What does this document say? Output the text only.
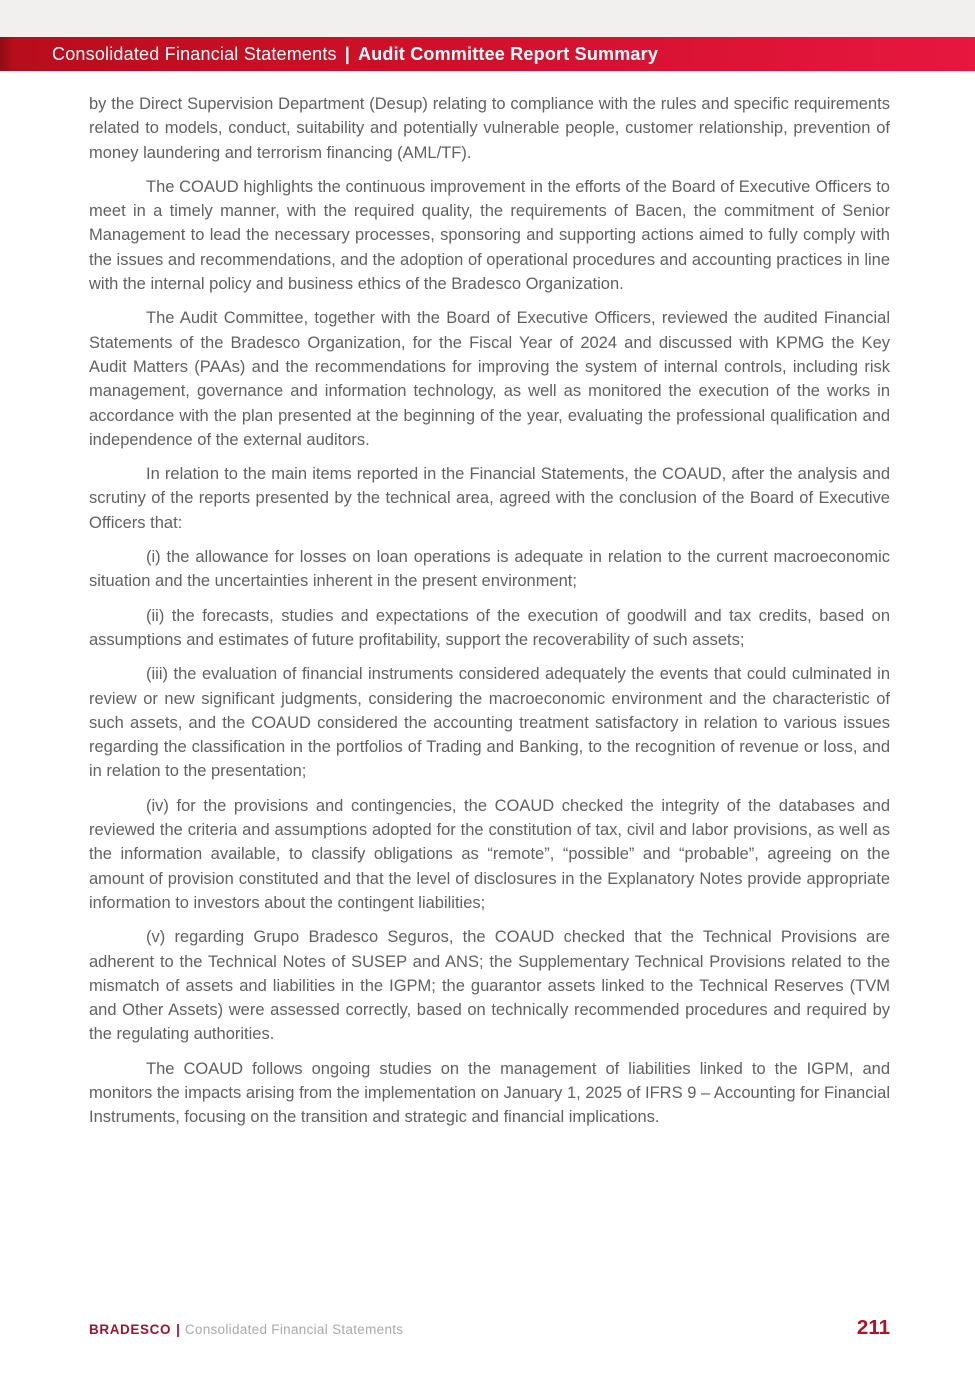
Consolidated Financial Statements | Audit Committee Report Summary

by the Direct Supervision Department (Desup) relating to compliance with the rules and specific requirements related to models, conduct, suitability and potentially vulnerable people, customer relationship, prevention of money laundering and terrorism financing (AML/TF).

The COAUD highlights the continuous improvement in the efforts of the Board of Executive Officers to meet in a timely manner, with the required quality, the requirements of Bacen, the commitment of Senior Management to lead the necessary processes, sponsoring and supporting actions aimed to fully comply with the issues and recommendations, and the adoption of operational procedures and accounting practices in line with the internal policy and business ethics of the Bradesco Organization.

The Audit Committee, together with the Board of Executive Officers, reviewed the audited Financial Statements of the Bradesco Organization, for the Fiscal Year of 2024 and discussed with KPMG the Key Audit Matters (PAAs) and the recommendations for improving the system of internal controls, including risk management, governance and information technology, as well as monitored the execution of the works in accordance with the plan presented at the beginning of the year, evaluating the professional qualification and independence of the external auditors.

In relation to the main items reported in the Financial Statements, the COAUD, after the analysis and scrutiny of the reports presented by the technical area, agreed with the conclusion of the Board of Executive Officers that:

(i) the allowance for losses on loan operations is adequate in relation to the current macroeconomic situation and the uncertainties inherent in the present environment;

(ii) the forecasts, studies and expectations of the execution of goodwill and tax credits, based on assumptions and estimates of future profitability, support the recoverability of such assets;

(iii) the evaluation of financial instruments considered adequately the events that could culminated in review or new significant judgments, considering the macroeconomic environment and the characteristic of such assets, and the COAUD considered the accounting treatment satisfactory in relation to various issues regarding the classification in the portfolios of Trading and Banking, to the recognition of revenue or loss, and in relation to the presentation;

(iv) for the provisions and contingencies, the COAUD checked the integrity of the databases and reviewed the criteria and assumptions adopted for the constitution of tax, civil and labor provisions, as well as the information available, to classify obligations as “remote”, “possible” and “probable”, agreeing on the amount of provision constituted and that the level of disclosures in the Explanatory Notes provide appropriate information to investors about the contingent liabilities;

(v) regarding Grupo Bradesco Seguros, the COAUD checked that the Technical Provisions are adherent to the Technical Notes of SUSEP and ANS; the Supplementary Technical Provisions related to the mismatch of assets and liabilities in the IGPM; the guarantor assets linked to the Technical Reserves (TVM and Other Assets) were assessed correctly, based on technically recommended procedures and required by the regulating authorities.

The COAUD follows ongoing studies on the management of liabilities linked to the IGPM, and monitors the impacts arising from the implementation on January 1, 2025 of IFRS 9 – Accounting for Financial Instruments, focusing on the transition and strategic and financial implications.

BRADESCO | Consolidated Financial Statements	211
